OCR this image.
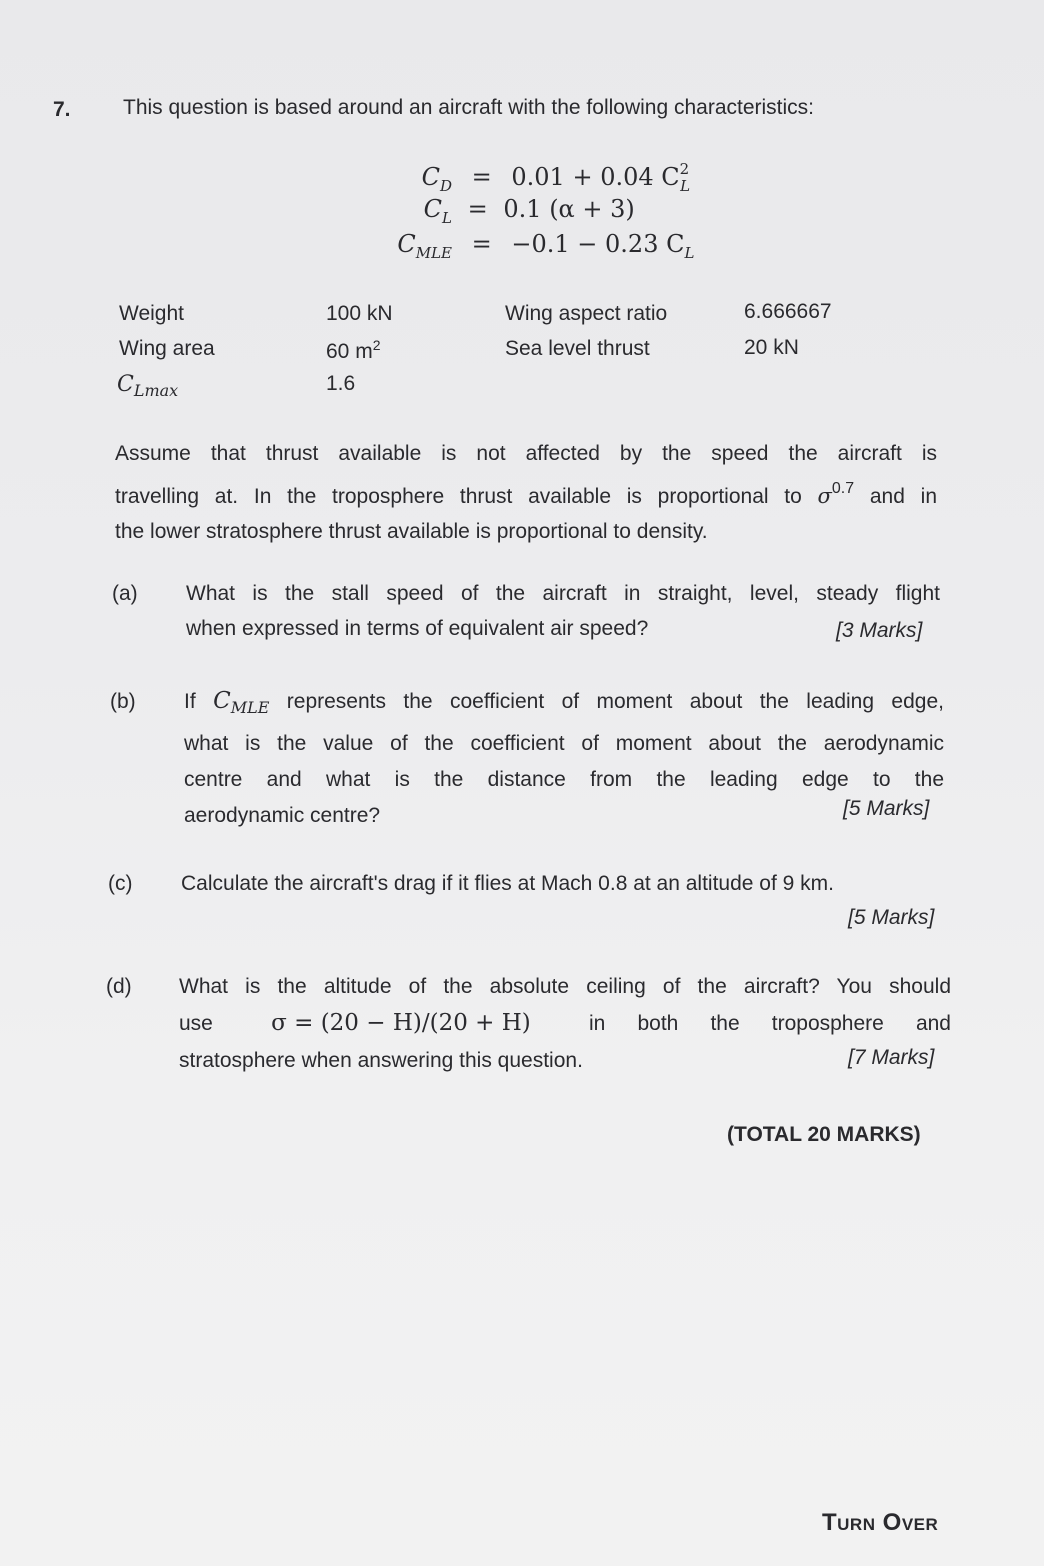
7. This question is based around an aircraft with the following characteristics:
$C_D = 0.01 + 0.04$ $C^2_L$
$C_L = 0.1$ (α + 3)
$C_{MLE} = -0.1 - 0.23$ $C_L$
Weight	100 kN	Wing aspect ratio	6.666667
Wing area	60 $m^2$	Sea level thrust	20 kN
$C_{Lmax}$	1.6
Assume that thrust available is not affected by the speed the aircraft is
travelling at. In the troposphere thrust available is proportional to $\sigma^{0.7}$ and in
the lower stratosphere thrust available is proportional to density.
(a) What is the stall speed of the aircraft in straight, level, steady flight
when expressed in terms of equivalent air speed?	[3 Marks]
(b) If $C_{MLE}$ represents the coefficient of moment about the leading edge,
what is the value of the coefficient of moment about the aerodynamic
centre and what is the distance from the leading edge to the
aerodynamic centre?	[5 Marks]
(c) Calculate the aircraft's drag if it flies at Mach 0.8 at an altitude of 9 km.
[5 Marks]
(d) What is the altitude of the absolute ceiling of the aircraft? You should
use	σ = (20 − H)/(20 + H)	in both the troposphere and
stratosphere when answering this question.	[7 Marks]
(TOTAL 20 MARKS)
Turn Over
